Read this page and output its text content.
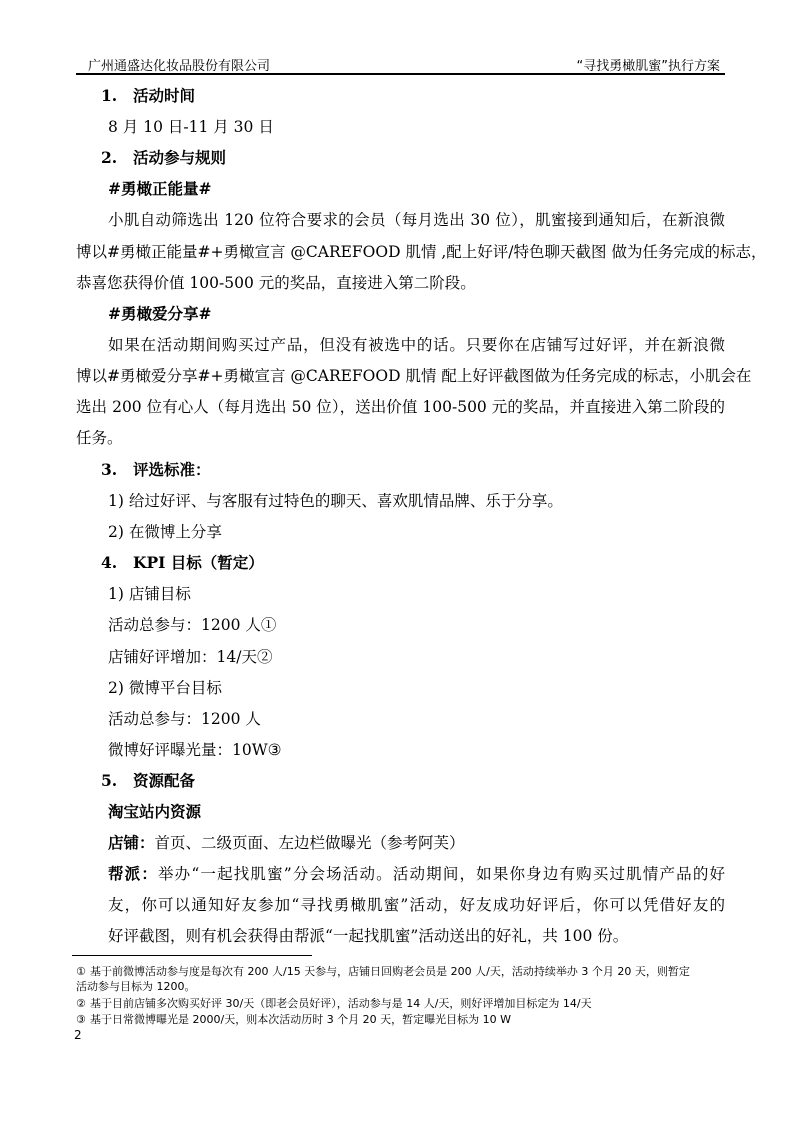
广州通盛达化妆品股份有限公司	“寻找勇橄肌蜜”执行方案
1. 活动时间
8 月 10 日-11 月 30 日
2. 活动参与规则
#勇橄正能量#
小肌自动筛选出 120 位符合要求的会员（每月选出 30 位），肌蜜接到通知后，在新浪微
博以#勇橄正能量#+勇橄宣言 @CAREFOOD 肌情 ,配上好评/特色聊天截图 做为任务完成的标志，
恭喜您获得价值 100-500 元的奖品，直接进入第二阶段。
#勇橄爱分享#
如果在活动期间购买过产品，但没有被选中的话。只要你在店铺写过好评，并在新浪微
博以#勇橄爱分享#+勇橄宣言 @CAREFOOD 肌情 配上好评截图做为任务完成的标志，小肌会在
选出 200 位有心人（每月选出 50 位），送出价值 100-500 元的奖品，并直接进入第二阶段的
任务。
3. 评选标准：
1) 给过好评、与客服有过特色的聊天、喜欢肌情品牌、乐于分享。
2) 在微博上分享
4. KPI 目标（暂定）
1) 店铺目标
活动总参与：1200 人①
店铺好评增加：14/天②
2) 微博平台目标
活动总参与：1200 人
微博好评曝光量：10W③
5. 资源配备
淘宝站内资源
店铺：首页、二级页面、左边栏做曝光（参考阿芙）
帮派：举办“一起找肌蜜”分会场活动。活动期间，如果你身边有购买过肌情产品的好
友，你可以通知好友参加“寻找勇橄肌蜜”活动，好友成功好评后，你可以凭借好友的
好评截图，则有机会获得由帮派“一起找肌蜜”活动送出的好礼，共 100 份。
① 基于前微博活动参与度是每次有 200 人/15 天参与，店铺日回购老会员是 200 人/天，活动持续举办 3 个月 20 天，则暂定
活动参与目标为 1200。
② 基于目前店铺多次购买好评 30/天（即老会员好评），活动参与是 14 人/天，则好评增加目标定为 14/天
③ 基于日常微博曝光是 2000/天，则本次活动历时 3 个月 20 天，暂定曝光目标为 10 W
2
